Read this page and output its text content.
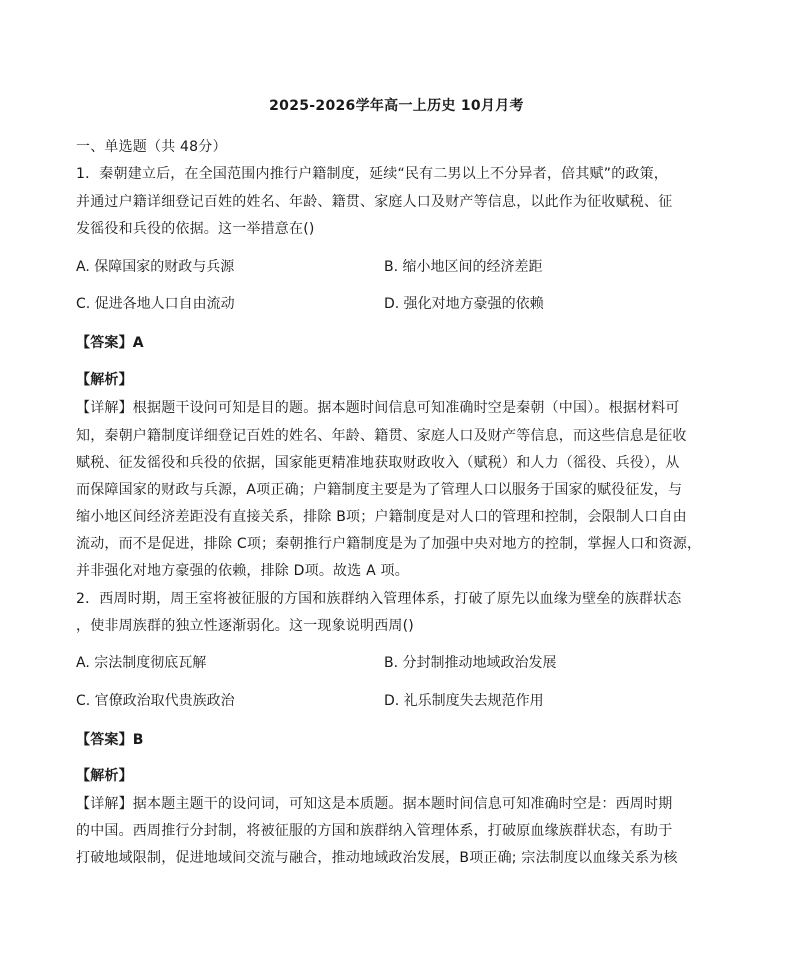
2025-2026学年高一上历史 10月月考
一、单选题（共 48分）
1．秦朝建立后，在全国范围内推行户籍制度，延续“民有二男以上不分异者，倍其赋”的政策，
并通过户籍详细登记百姓的姓名、年龄、籍贯、家庭人口及财产等信息，以此作为征收赋税、征
发徭役和兵役的依据。这一举措意在()
A. 保障国家的财政与兵源	B. 缩小地区间的经济差距
C. 促进各地人口自由流动	D. 强化对地方豪强的依赖
【答案】A
【解析】
【详解】根据题干设问可知是目的题。据本题时间信息可知准确时空是秦朝（中国）。根据材料可
知，秦朝户籍制度详细登记百姓的姓名、年龄、籍贯、家庭人口及财产等信息，而这些信息是征收
赋税、征发徭役和兵役的依据，国家能更精准地获取财政收入（赋税）和人力（徭役、兵役），从
而保障国家的财政与兵源，A项正确；户籍制度主要是为了管理人口以服务于国家的赋役征发，与
缩小地区间经济差距没有直接关系，排除 B项；户籍制度是对人口的管理和控制，会限制人口自由
流动，而不是促进，排除 C项；秦朝推行户籍制度是为了加强中央对地方的控制，掌握人口和资源，
并非强化对地方豪强的依赖，排除 D项。故选 A 项。
2．西周时期，周王室将被征服的方国和族群纳入管理体系，打破了原先以血缘为壁垒的族群状态
，使非周族群的独立性逐渐弱化。这一现象说明西周()
A. 宗法制度彻底瓦解	B. 分封制推动地域政治发展
C. 官僚政治取代贵族政治	D. 礼乐制度失去规范作用
【答案】B
【解析】
【详解】据本题主题干的设问词，可知这是本质题。据本题时间信息可知准确时空是：西周时期
的中国。西周推行分封制，将被征服的方国和族群纳入管理体系，打破原血缘族群状态，有助于
打破地域限制，促进地域间交流与融合，推动地域政治发展，B项正确; 宗法制度以血缘关系为核
